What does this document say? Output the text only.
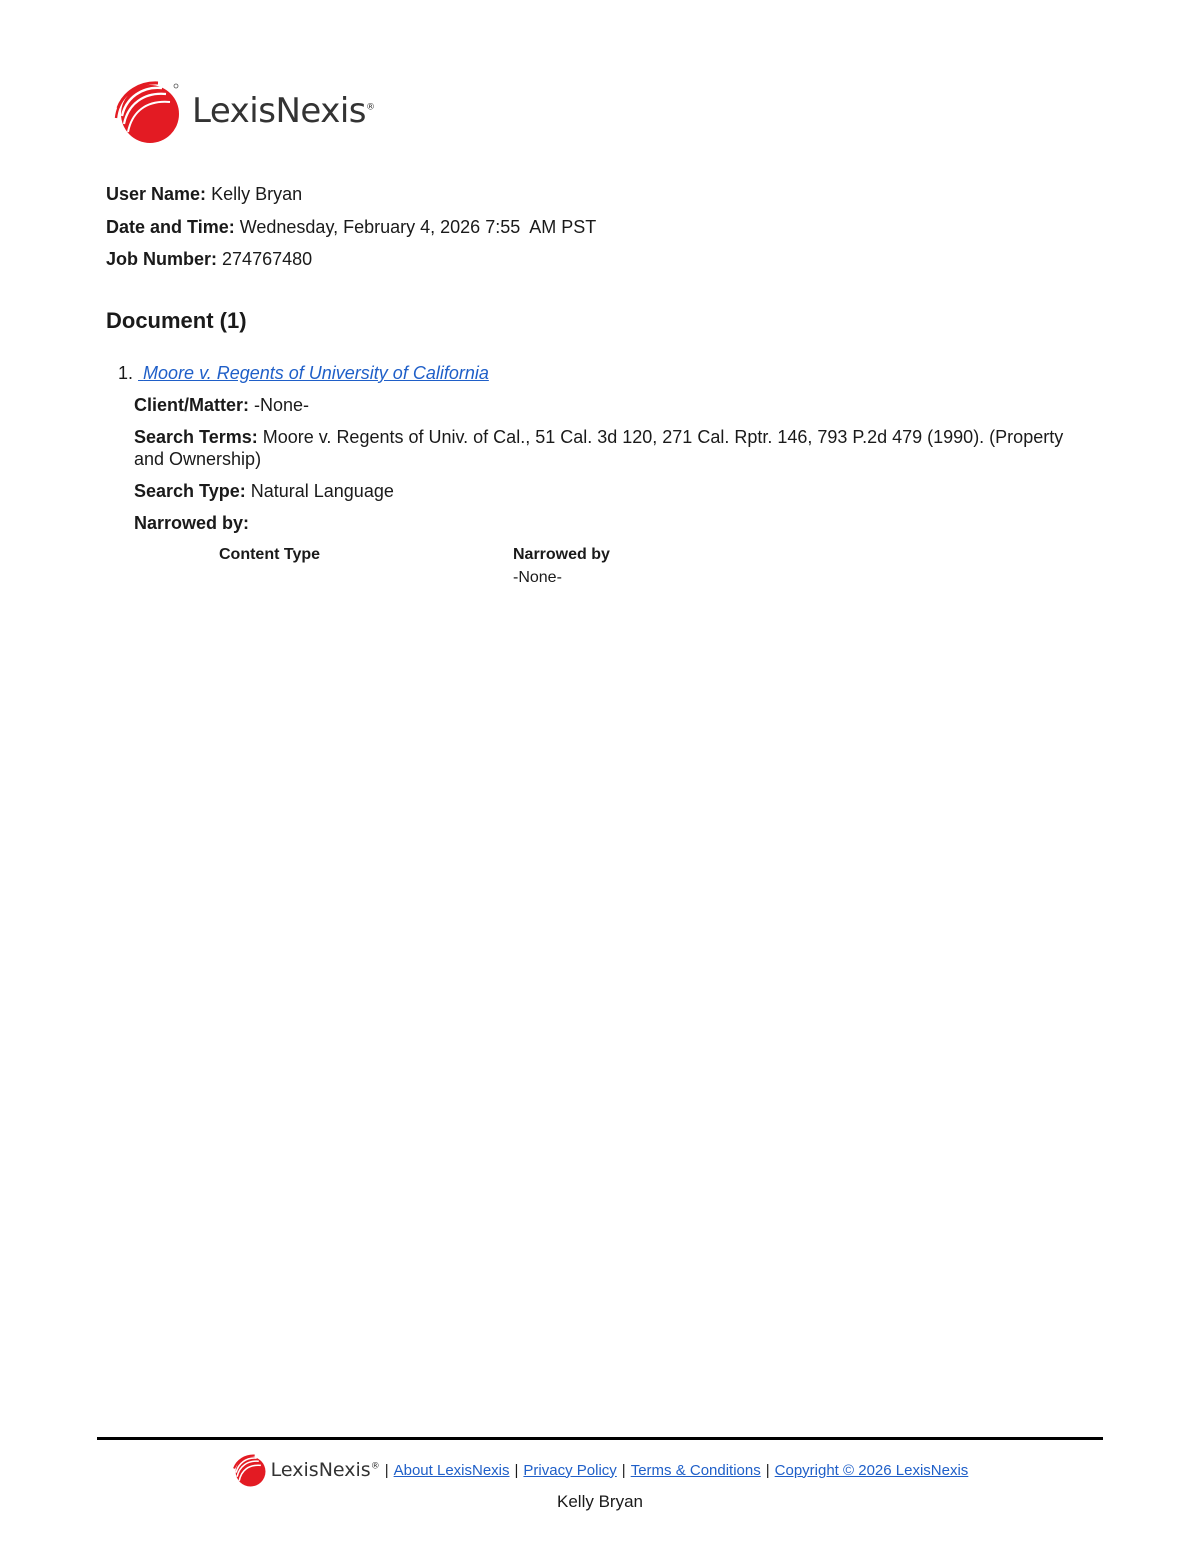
LexisNexis®
User Name: Kelly Bryan
Date and Time: Wednesday, February 4, 2026 7:55 AM PST
Job Number: 274767480
Document (1)
1. Moore v. Regents of University of California
Client/Matter: -None-
Search Terms: Moore v. Regents of Univ. of Cal., 51 Cal. 3d 120, 271 Cal. Rptr. 146, 793 P.2d 479 (1990). (Property and Ownership)
Search Type: Natural Language
Narrowed by:
Content Type	Narrowed by
-None-
LexisNexis® | About LexisNexis | Privacy Policy | Terms & Conditions | Copyright © 2026 LexisNexis
Kelly Bryan
